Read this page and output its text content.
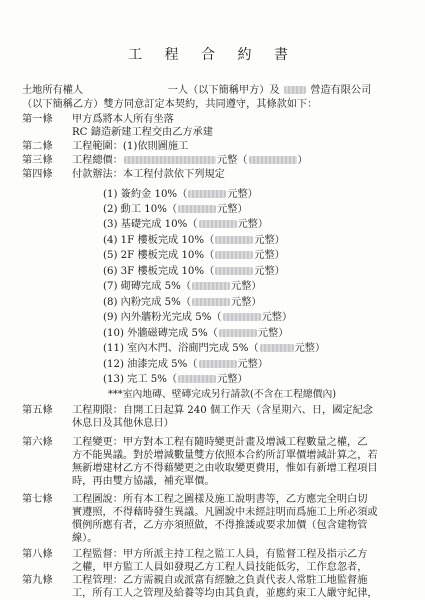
工 程 合 約 書
土地所有權人	一人（以下簡稱甲方）及	營造有限公司
（以下簡稱乙方）雙方同意訂定本契約，共同遵守，其條款如下：
第一條 甲方爲將本人所有坐落
RC 鑄造新建工程交由乙方承建
第二條 工程範圍：(1)依則圖施工
第三條 工程總價：	元整（	）
第四條 付款辦法：本工程付款依下列規定
(1) 簽約金 10%（	元整）
(2) 動工 10%（	元整）
(3) 基礎完成 10%（	元整）
(4) 1F 樓板完成 10%（	元整）
(5) 2F 樓板完成 10%（	元整）
(6) 3F 樓板完成 10%（	元整）
(7) 砌磚完成 5%（	元整）
(8) 內粉完成 5%（	元整）
(9) 內外牆粉光完成 5%（	元整）
(10) 外牆磁磚完成 5%（	元整）
(11) 室內木門、浴廁門完成 5%（	元整）
(12) 油漆完成 5%（	元整）
(13) 完工 5%（	元整）
***室內地磚、壁磚完成另行請款(不含在工程總價內)
第五條 工程期限：自開工日起算 240 個工作天（含星期六、日，國定紀念
休息日及其他休息日）
第六條 工程變更：甲方對本工程有隨時變更計畫及增減工程數量之權，乙
方不能異議。對於增減數量雙方依照本合約所訂單價增減計算之，若
無新增建材乙方不得藉變更之由收取變更費用，惟如有新增工程項目
時，再由雙方協議，補充單價。
第七條 工程圖說：所有本工程之圖樣及施工說明書等，乙方應完全明白切
實遵照，不得藉時發生異議。凡圖說中未經註明而爲施工上所必須或
慣例所應有者，乙方亦須照做，不得推諉或要求加價（包含建物管
線）。
第八條 工程監督：甲方所派主持工程之監工人員，有監督工程及指示乙方
之權，甲方監工人員如發現乙方工程人員技能低劣，工作怠忽者，
第九條 工程管理：乙方需親自或派富有經驗之負責代表人常駐工地監督施
工，所有工人之管理及給養等均由其負責，並應約束工人嚴守紀律，
